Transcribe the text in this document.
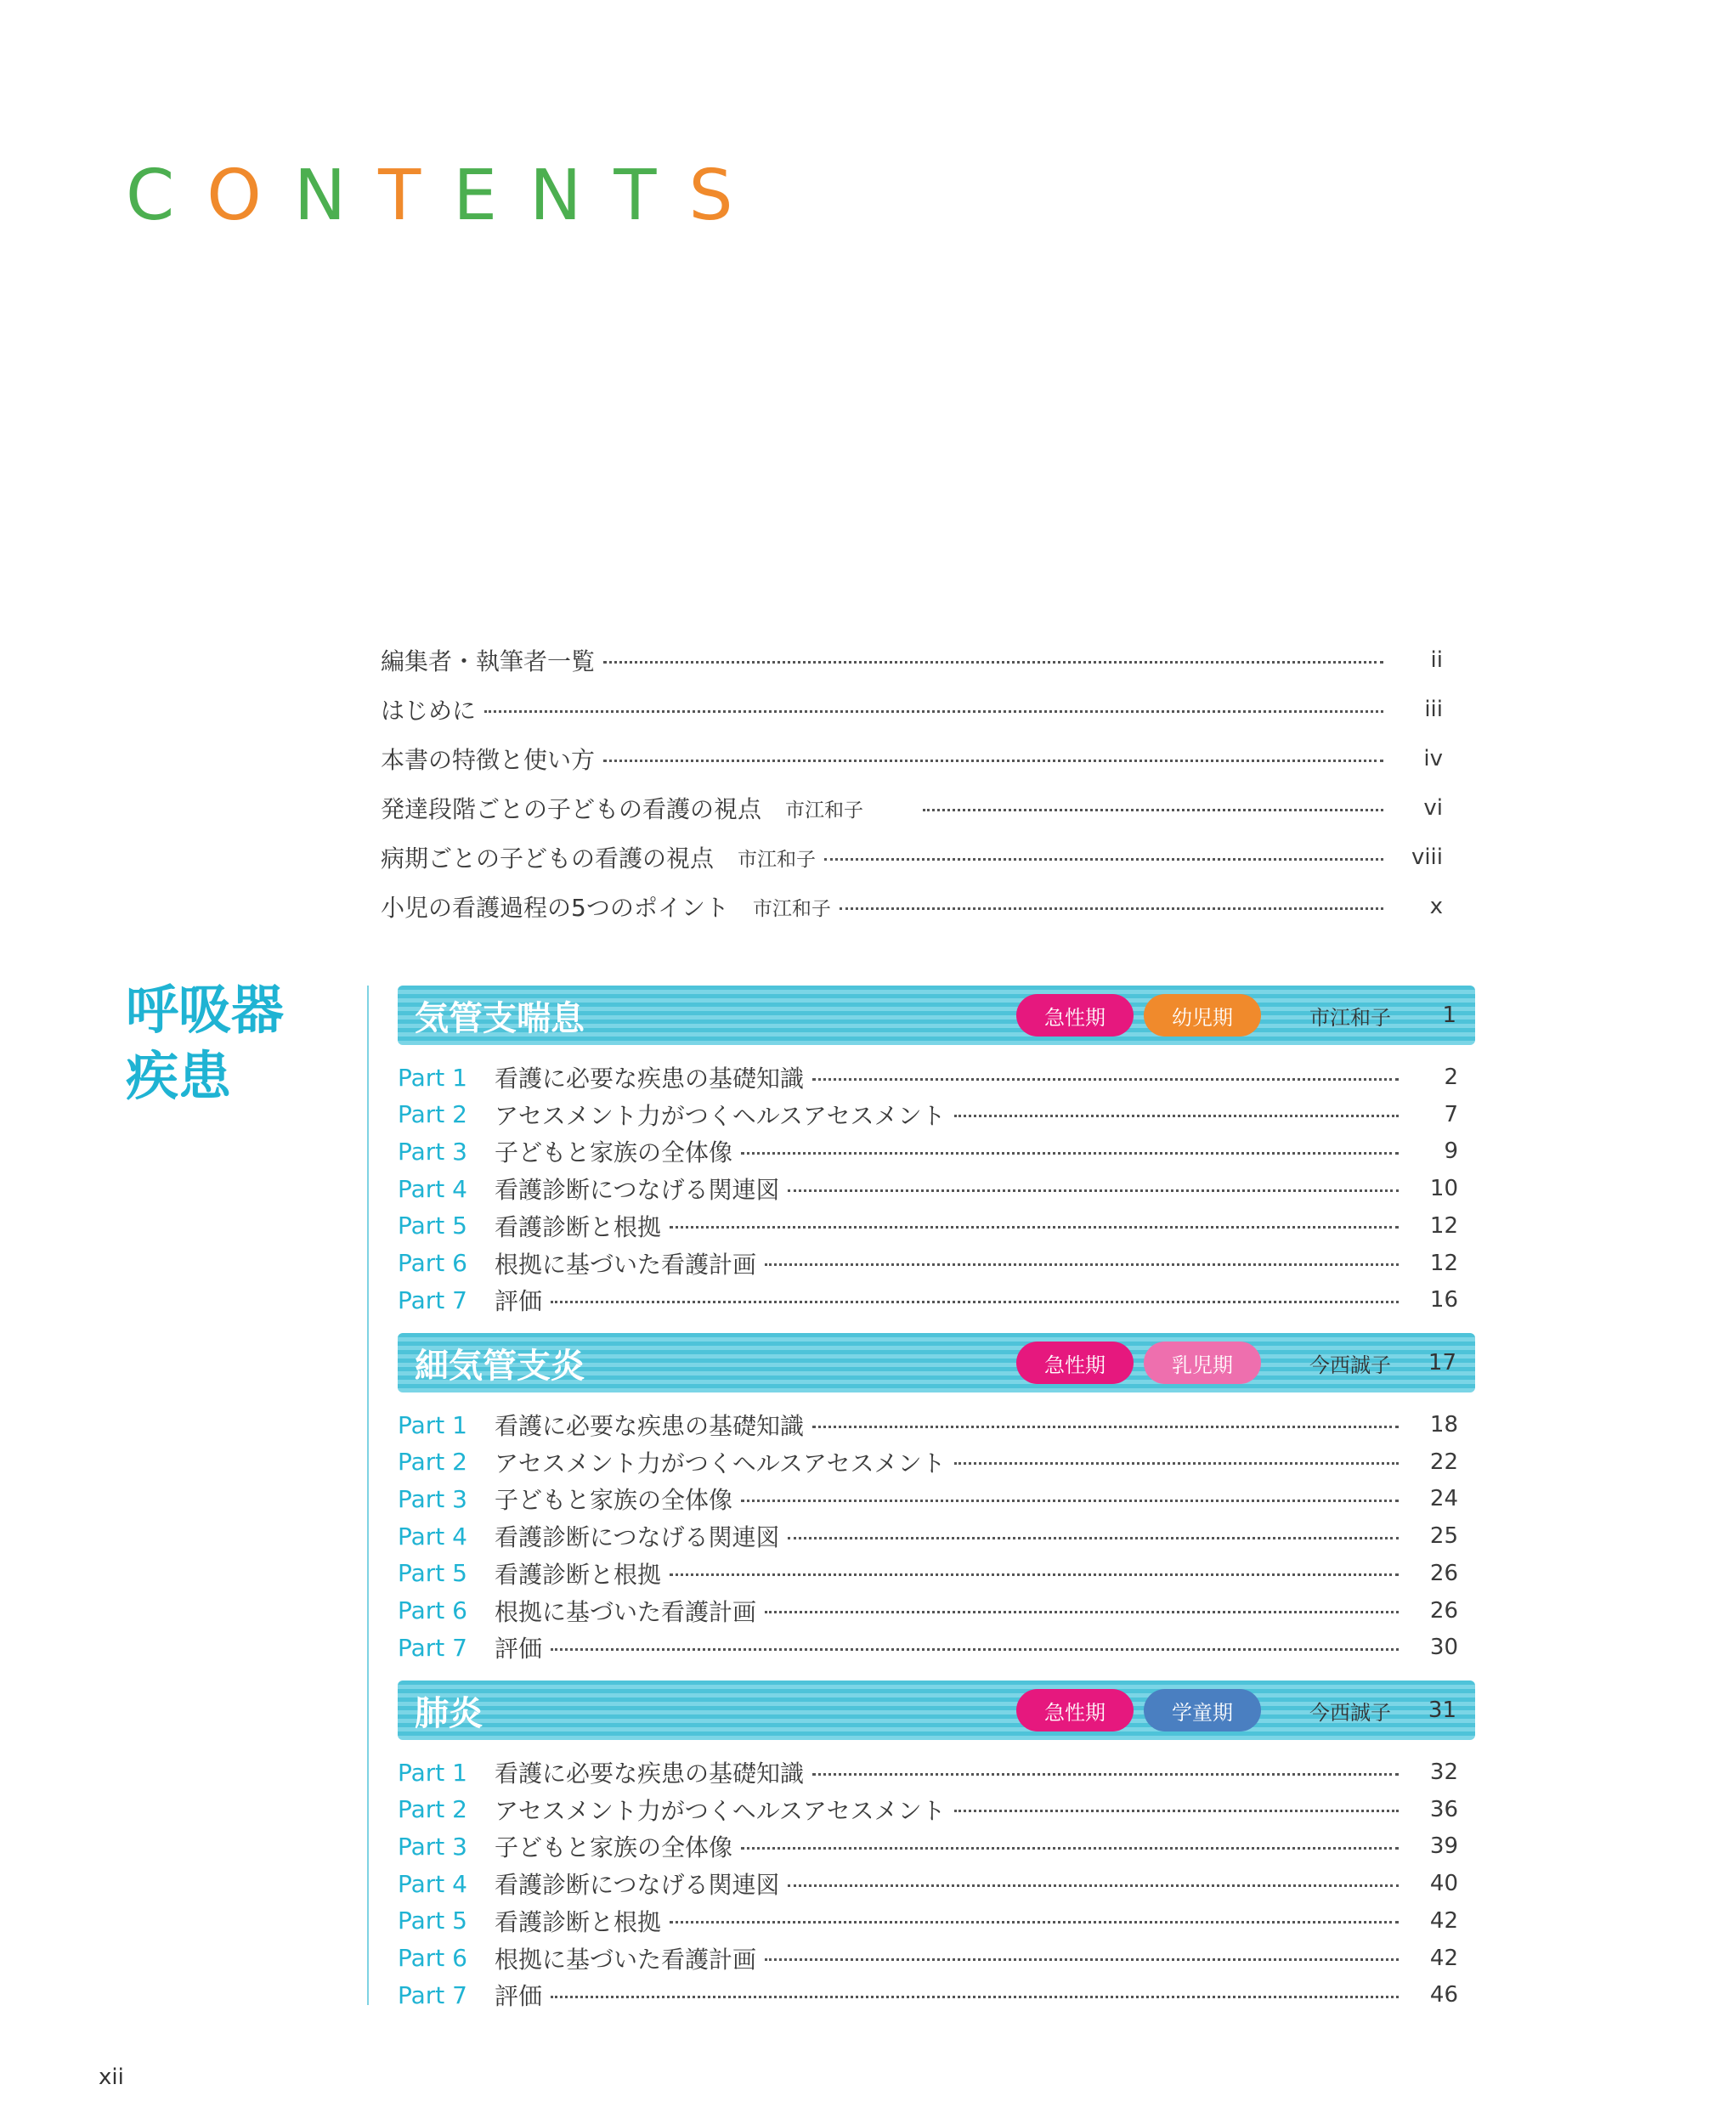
CONTENTS
編集者・執筆者一覧	ii
はじめに	iii
本書の特徴と使い方	iv
発達段階ごとの子どもの看護の視点 市江和子	vi
病期ごとの子どもの看護の視点 市江和子	viii
小児の看護過程の5つのポイント 市江和子	x
呼吸器
疾患
気管支喘息	急性期	幼児期	市江和子	1
Part 1	看護に必要な疾患の基礎知識	2
Part 2	アセスメント力がつくヘルスアセスメント	7
Part 3	子どもと家族の全体像	9
Part 4	看護診断につなげる関連図	10
Part 5	看護診断と根拠	12
Part 6	根拠に基づいた看護計画	12
Part 7	評価	16
細気管支炎	急性期	乳児期	今西誠子	17
Part 1	看護に必要な疾患の基礎知識	18
Part 2	アセスメント力がつくヘルスアセスメント	22
Part 3	子どもと家族の全体像	24
Part 4	看護診断につなげる関連図	25
Part 5	看護診断と根拠	26
Part 6	根拠に基づいた看護計画	26
Part 7	評価	30
肺炎	急性期	学童期	今西誠子	31
Part 1	看護に必要な疾患の基礎知識	32
Part 2	アセスメント力がつくヘルスアセスメント	36
Part 3	子どもと家族の全体像	39
Part 4	看護診断につなげる関連図	40
Part 5	看護診断と根拠	42
Part 6	根拠に基づいた看護計画	42
Part 7	評価	46
xii
